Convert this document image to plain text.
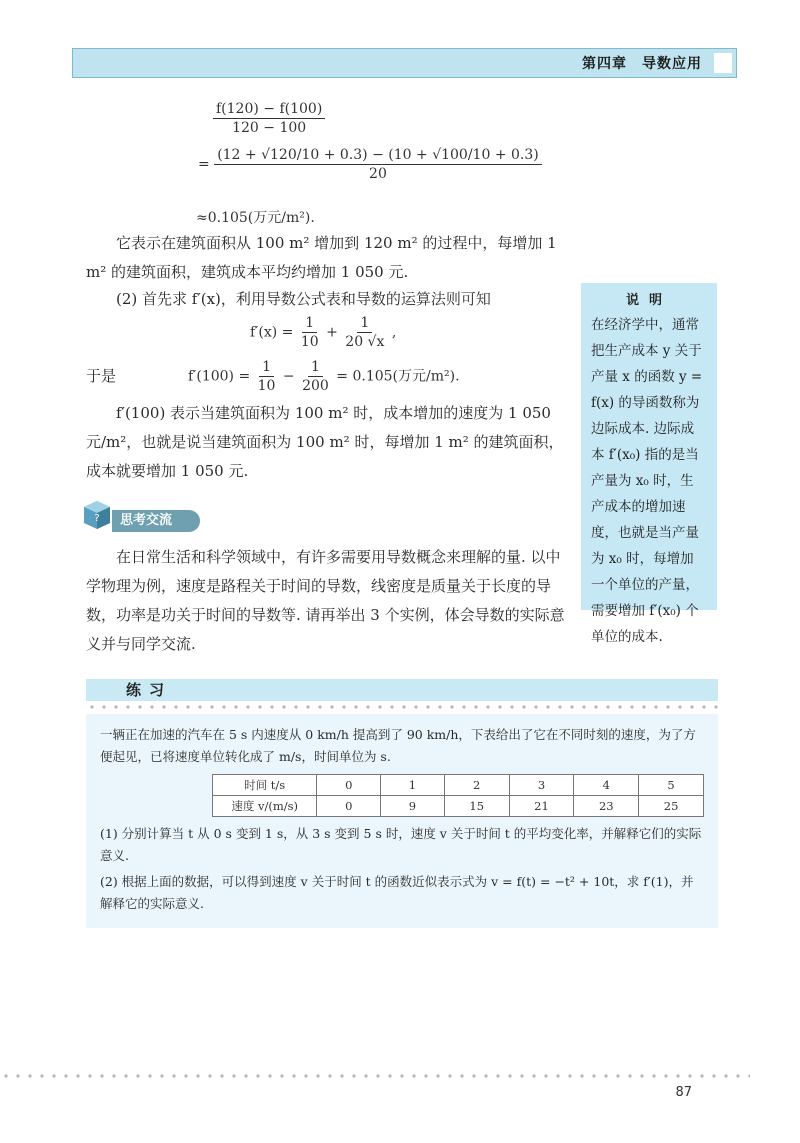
第四章　导数应用
$\frac{f(120) - f(100)}{120 - 100}$
= $\frac{(12 + √120/10 + 0.3) - (10 + √100/10 + 0.3)}{20}$
≈0.105(万元/m²).
它表示在建筑面积从 100 m² 增加到 120 m² 的过程中，每增加 1 m² 的建筑面积，建筑成本平均约增加 1 050 元.
(2) 首先求 f′(x)，利用导数公式表和导数的运算法则可知
$f'(x) = \frac{1}{10} + \frac{1}{20 √x}$ ,
于是	$f'(100) = \frac{1}{10} - \frac{1}{200} = 0.105$(万元/m²).
f′(100) 表示当建筑面积为 100 m² 时，成本增加的速度为 1 050 元/m²，也就是说当建筑面积为 100 m² 时，每增加 1 m² 的建筑面积，成本就要增加 1 050 元.
说明
在经济学中，通常把生产成本 y 关于产量 x 的函数 y = f(x) 的导函数称为边际成本. 边际成本 f′(x₀) 指的是当产量为 x₀ 时，生产成本的增加速度，也就是当产量为 x₀ 时，每增加一个单位的产量，需要增加 f′(x₀) 个单位的成本.
?	思考交流
在日常生活和科学领域中，有许多需要用导数概念来理解的量. 以中学物理为例，速度是路程关于时间的导数，线密度是质量关于长度的导数，功率是功关于时间的导数等. 请再举出 3 个实例，体会导数的实际意义并与同学交流.
练习
一辆正在加速的汽车在 5 s 内速度从 0 km/h 提高到了 90 km/h，下表给出了它在不同时刻的速度，为了方便起见，已将速度单位转化成了 m/s，时间单位为 s.
时间 t/s	0	1	2	3	4	5
速度 v/(m/s)	0	9	15	21	23	25
(1) 分别计算当 t 从 0 s 变到 1 s，从 3 s 变到 5 s 时，速度 v 关于时间 t 的平均变化率，并解释它们的实际意义.
(2) 根据上面的数据，可以得到速度 v 关于时间 t 的函数近似表示式为 v = f(t) = −t² + 10t，求 f′(1)，并解释它的实际意义.
87
